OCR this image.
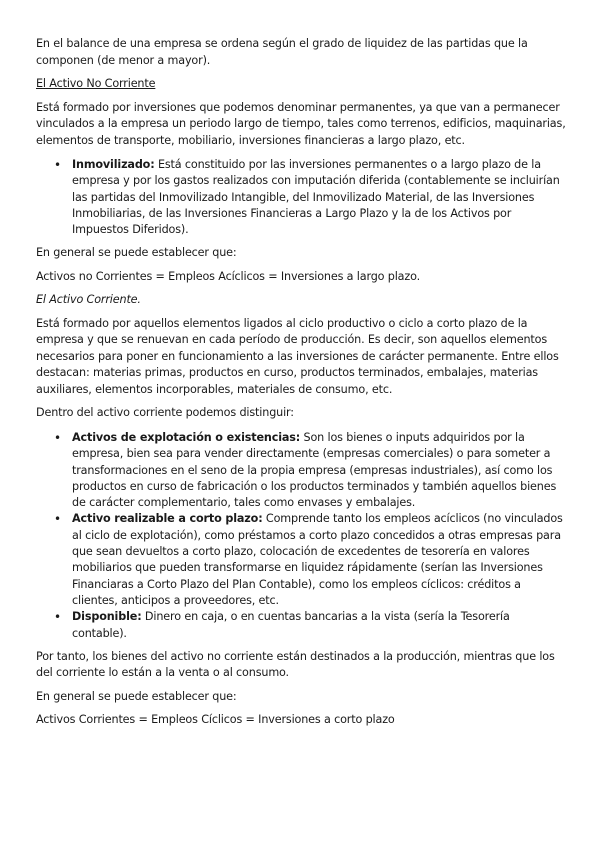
En el balance de una empresa se ordena según el grado de liquidez de las partidas que la componen (de menor a mayor).

El Activo No Corriente

Está formado por inversiones que podemos denominar permanentes, ya que van a permanecer vinculados a la empresa un periodo largo de tiempo, tales como terrenos, edificios, maquinarias, elementos de transporte, mobiliario, inversiones financieras a largo plazo, etc.

• Inmovilizado: Está constituido por las inversiones permanentes o a largo plazo de la empresa y por los gastos realizados con imputación diferida (contablemente se incluirían las partidas del Inmovilizado Intangible, del Inmovilizado Material, de las Inversiones Inmobiliarias, de las Inversiones Financieras a Largo Plazo y la de los Activos por Impuestos Diferidos).

En general se puede establecer que:

Activos no Corrientes = Empleos Acíclicos = Inversiones a largo plazo.

El Activo Corriente.

Está formado por aquellos elementos ligados al ciclo productivo o ciclo a corto plazo de la empresa y que se renuevan en cada período de producción. Es decir, son aquellos elementos necesarios para poner en funcionamiento a las inversiones de carácter permanente. Entre ellos destacan: materias primas, productos en curso, productos terminados, embalajes, materias auxiliares, elementos incorporables, materiales de consumo, etc.

Dentro del activo corriente podemos distinguir:

• Activos de explotación o existencias: Son los bienes o inputs adquiridos por la empresa, bien sea para vender directamente (empresas comerciales) o para someter a transformaciones en el seno de la propia empresa (empresas industriales), así como los productos en curso de fabricación o los productos terminados y también aquellos bienes de carácter complementario, tales como envases y embalajes.
• Activo realizable a corto plazo: Comprende tanto los empleos acíclicos (no vinculados al ciclo de explotación), como préstamos a corto plazo concedidos a otras empresas para que sean devueltos a corto plazo, colocación de excedentes de tesorería en valores mobiliarios que pueden transformarse en liquidez rápidamente (serían las Inversiones Financiaras a Corto Plazo del Plan Contable), como los empleos cíclicos: créditos a clientes, anticipos a proveedores, etc.
• Disponible: Dinero en caja, o en cuentas bancarias a la vista (sería la Tesorería contable).

Por tanto, los bienes del activo no corriente están destinados a la producción, mientras que los del corriente lo están a la venta o al consumo.

En general se puede establecer que:

Activos Corrientes = Empleos Cíclicos = Inversiones a corto plazo
